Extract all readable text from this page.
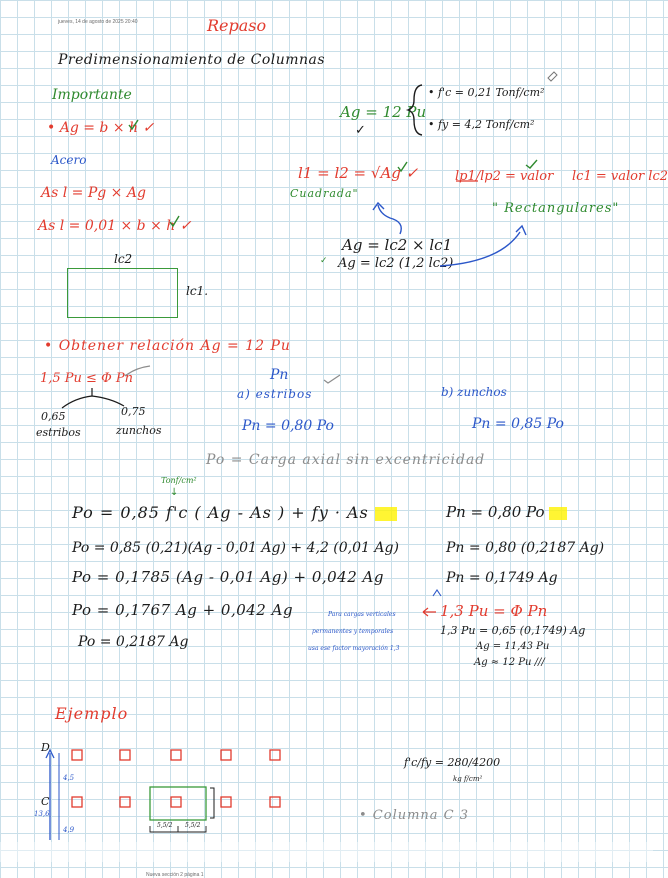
jueves, 14 de agosto de 2025 20:40	Repaso
Predimensionamiento de Columnas
Importante
• Ag = b × h ✓
Acero
As l = Pg × Ag
As l = 0,01 × b × h ✓
lc2
lc1.
Ag = 12 Pu
✓
• f'c = 0,21 Tonf/cm²
• fy = 4,2 Tonf/cm²
l1 = l2 = √Ag ✓
Cuadrada"
lp1/lp2 = valor lc1 = valor lc2
" Rectangulares"
Ag = lc2 × lc1
Ag = lc2 (1,2 lc2)
✓
• Obtener relación Ag = 12 Pu
1,5 Pu ≤ Φ Pn
0,65
estribos
0,75
zunchos
Pn
a) estribos	b) zunchos
Pn = 0,80 Po	Pn = 0,85 Po
Po = Carga axial sin excentricidad
Tonf/cm²
↓
Po = 0,85 f'c ( Ag - As ) + fy · As
Po = 0,85 (0,21)(Ag - 0,01 Ag) + 4,2 (0,01 Ag)
Po = 0,1785 (Ag - 0,01 Ag) + 0,042 Ag
Po = 0,1767 Ag + 0,042 Ag
Po = 0,2187 Ag
Pn = 0,80 Po
Pn = 0,80 (0,2187 Ag)
Pn = 0,1749 Ag
1,3 Pu = Φ Pn
1,3 Pu = 0,65 (0,1749) Ag
Ag = 11,43 Pu
Ag ≈ 12 Pu ///
Para cargas verticales
permanentes y temporales
usa ese factor mayoración 1,3
Ejemplo
D
C
4,5
13,6
4,9
5,5/2 5,5/2
f'c/fy = 280/4200
kg f/cm²
• Columna C 3
Nueva sección 2 página 1
